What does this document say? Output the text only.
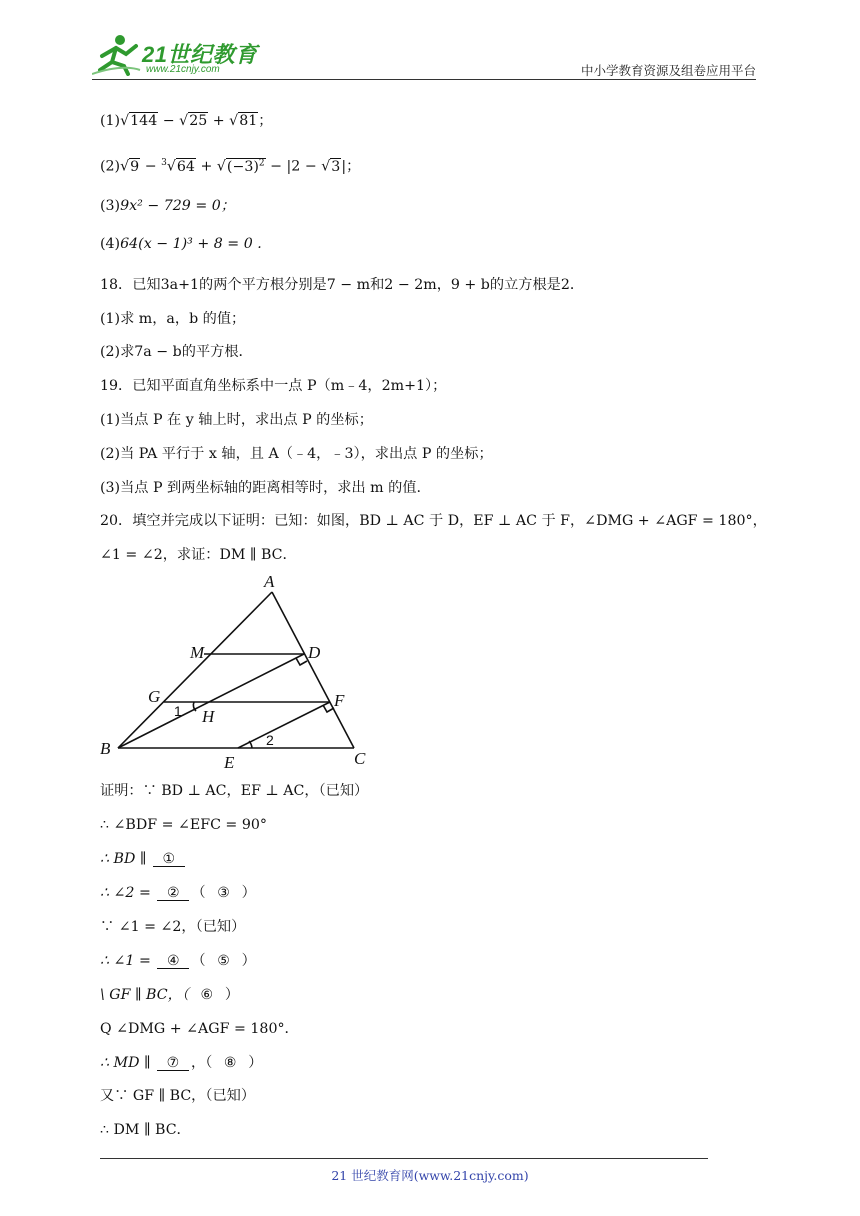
21世纪教育
www.21cnjy.com	中小学教育资源及组卷应用平台
(1)√144 − √25 + √81；
$(2)√9 - ^3√64 + √(-3)^2 - |2 - √3|$；
(3)9x² − 729 = 0；
(4)64(x − 1)³ + 8 = 0 .
18．已知3a+1的两个平方根分别是7 − m和2 − 2m，9 + b的立方根是2．
(1)求 m，a，b 的值；
(2)求7a − b的平方根．
19．已知平面直角坐标系中一点 P（m﹣4，2m+1）；
(1)当点 P 在 y 轴上时，求出点 P 的坐标；
(2)当 PA 平行于 x 轴，且 A（﹣4，﹣3），求出点 P 的坐标；
(3)当点 P 到两坐标轴的距离相等时，求出 m 的值.
20．填空并完成以下证明：已知：如图，BD ⊥ AC 于 D，EF ⊥ AC 于 F，∠DMG + ∠AGF = 180°，
∠1 = ∠2，求证：DM ∥ BC．
A
M	D
G
H
F
B
E	C
1
2
证明：∵ BD ⊥ AC，EF ⊥ AC，（已知）
∴ ∠BDF = ∠EFC = 90°
∴ BD ∥ ①
∴ ∠2 = ② （ ③ ）
∵ ∠1 = ∠2，（已知）
∴ ∠1 = ④ （ ⑤ ）
\ GF ∥ BC，（ ⑥ ）
Q ∠DMG + ∠AGF = 180°．
∴ MD ∥ ⑦ ，（ ⑧ ）
又∵ GF ∥ BC，（已知）
∴ DM ∥ BC．
21 世纪教育网(www.21cnjy.com)
